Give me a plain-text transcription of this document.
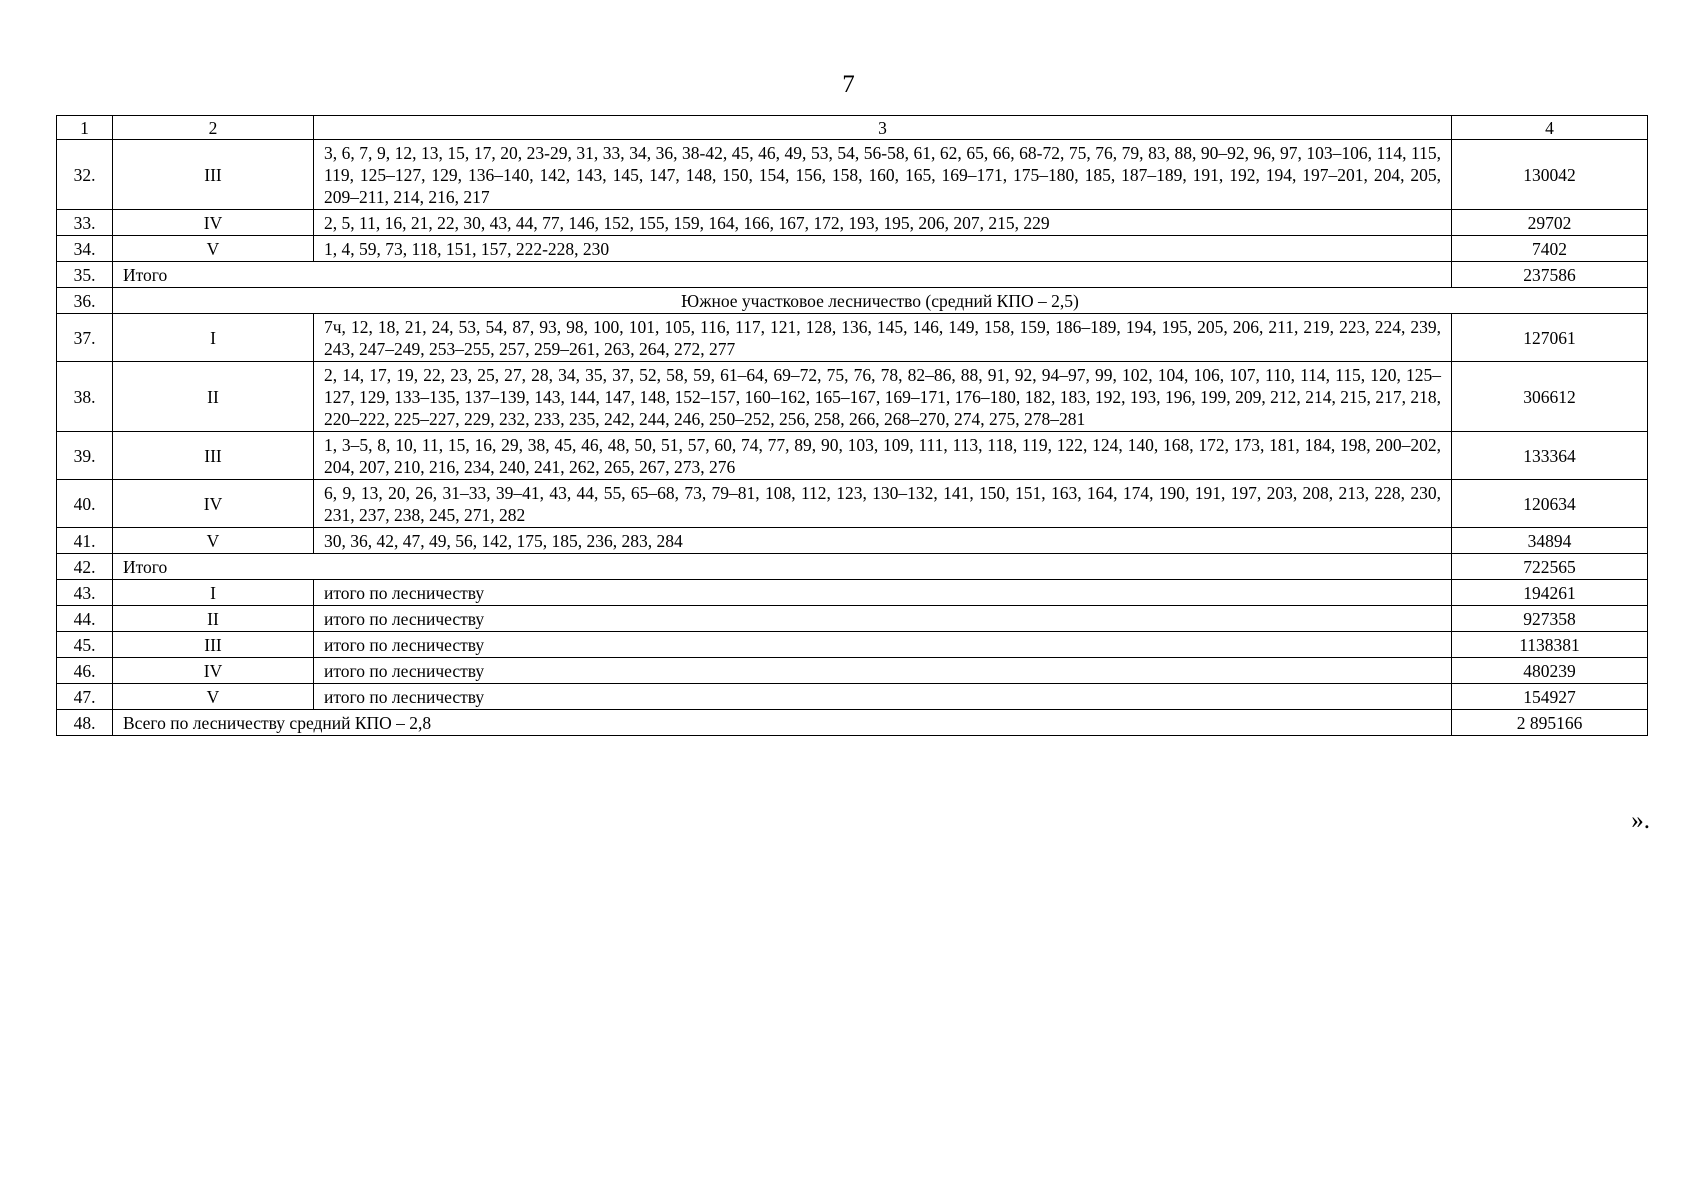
7
1	2	3	4
32.	III	3, 6, 7, 9, 12, 13, 15, 17, 20, 23-29, 31, 33, 34, 36, 38-42, 45, 46, 49, 53, 54, 56-58, 61, 62, 65, 66, 68-72, 75, 76, 79, 83, 88, 90–92, 96, 97, 103–106, 114, 115, 119, 125–127, 129, 136–140, 142, 143, 145, 147, 148, 150, 154, 156, 158, 160, 165, 169–171, 175–180, 185, 187–189, 191, 192, 194, 197–201, 204, 205, 209–211, 214, 216, 217	130042
33.	IV	2, 5, 11, 16, 21, 22, 30, 43, 44, 77, 146, 152, 155, 159, 164, 166, 167, 172, 193, 195, 206, 207, 215, 229	29702
34.	V	1, 4, 59, 73, 118, 151, 157, 222-228, 230	7402
35.	Итого		237586
36.	Южное участковое лесничество (средний КПО – 2,5)		
37.	I	7ч, 12, 18, 21, 24, 53, 54, 87, 93, 98, 100, 101, 105, 116, 117, 121, 128, 136, 145, 146, 149, 158, 159, 186–189, 194, 195, 205, 206, 211, 219, 223, 224, 239, 243, 247–249, 253–255, 257, 259–261, 263, 264, 272, 277	127061
38.	II	2, 14, 17, 19, 22, 23, 25, 27, 28, 34, 35, 37, 52, 58, 59, 61–64, 69–72, 75, 76, 78, 82–86, 88, 91, 92, 94–97, 99, 102, 104, 106, 107, 110, 114, 115, 120, 125–127, 129, 133–135, 137–139, 143, 144, 147, 148, 152–157, 160–162, 165–167, 169–171, 176–180, 182, 183, 192, 193, 196, 199, 209, 212, 214, 215, 217, 218, 220–222, 225–227, 229, 232, 233, 235, 242, 244, 246, 250–252, 256, 258, 266, 268–270, 274, 275, 278–281	306612
39.	III	1, 3–5, 8, 10, 11, 15, 16, 29, 38, 45, 46, 48, 50, 51, 57, 60, 74, 77, 89, 90, 103, 109, 111, 113, 118, 119, 122, 124, 140, 168, 172, 173, 181, 184, 198, 200–202, 204, 207, 210, 216, 234, 240, 241, 262, 265, 267, 273, 276	133364
40.	IV	6, 9, 13, 20, 26, 31–33, 39–41, 43, 44, 55, 65–68, 73, 79–81, 108, 112, 123, 130–132, 141, 150, 151, 163, 164, 174, 190, 191, 197, 203, 208, 213, 228, 230, 231, 237, 238, 245, 271, 282	120634
41.	V	30, 36, 42, 47, 49, 56, 142, 175, 185, 236, 283, 284	34894
42.	Итого		722565
43.	I	итого по лесничеству	194261
44.	II	итого по лесничеству	927358
45.	III	итого по лесничеству	1138381
46.	IV	итого по лесничеству	480239
47.	V	итого по лесничеству	154927
48.	Всего по лесничеству средний КПО – 2,8		2 895166
».
